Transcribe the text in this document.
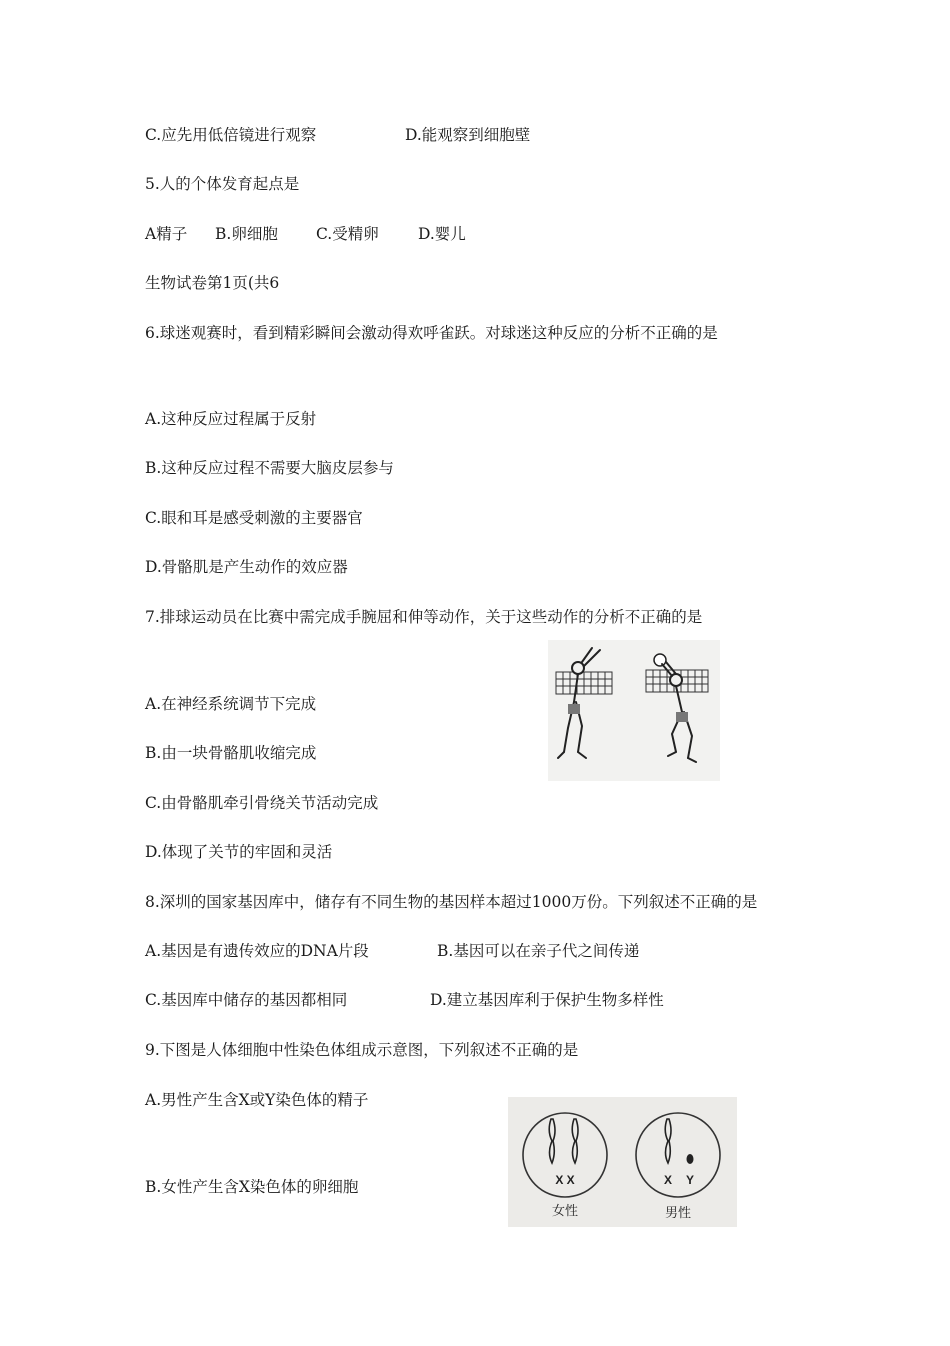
C.应先用低倍镜进行观察	D.能观察到细胞壁
5.人的个体发育起点是
A精子 B.卵细胞 C.受精卵	D.婴儿
生物试卷第1页(共6
6.球迷观赛时，看到精彩瞬间会激动得欢呼雀跃。对球迷这种反应的分析不正确的是
A.这种反应过程属于反射
B.这种反应过程不需要大脑皮层参与
C.眼和耳是感受刺激的主要器官
D.骨骼肌是产生动作的效应器
7.排球运动员在比赛中需完成手腕屈和伸等动作，关于这些动作的分析不正确的是
A.在神经系统调节下完成
B.由一块骨骼肌收缩完成
C.由骨骼肌牵引骨绕关节活动完成
D.体现了关节的牢固和灵活
8.深圳的国家基因库中，储存有不同生物的基因样本超过1000万份。下列叙述不正确的是
A.基因是有遗传效应的DNA片段	B.基因可以在亲子代之间传递
C.基因库中储存的基因都相同	D.建立基因库利于保护生物多样性
9.下图是人体细胞中性染色体组成示意图，下列叙述不正确的是
A.男性产生含X或Y染色体的精子
B.女性产生含X染色体的卵细胞	X X
女性
X Y
男性
